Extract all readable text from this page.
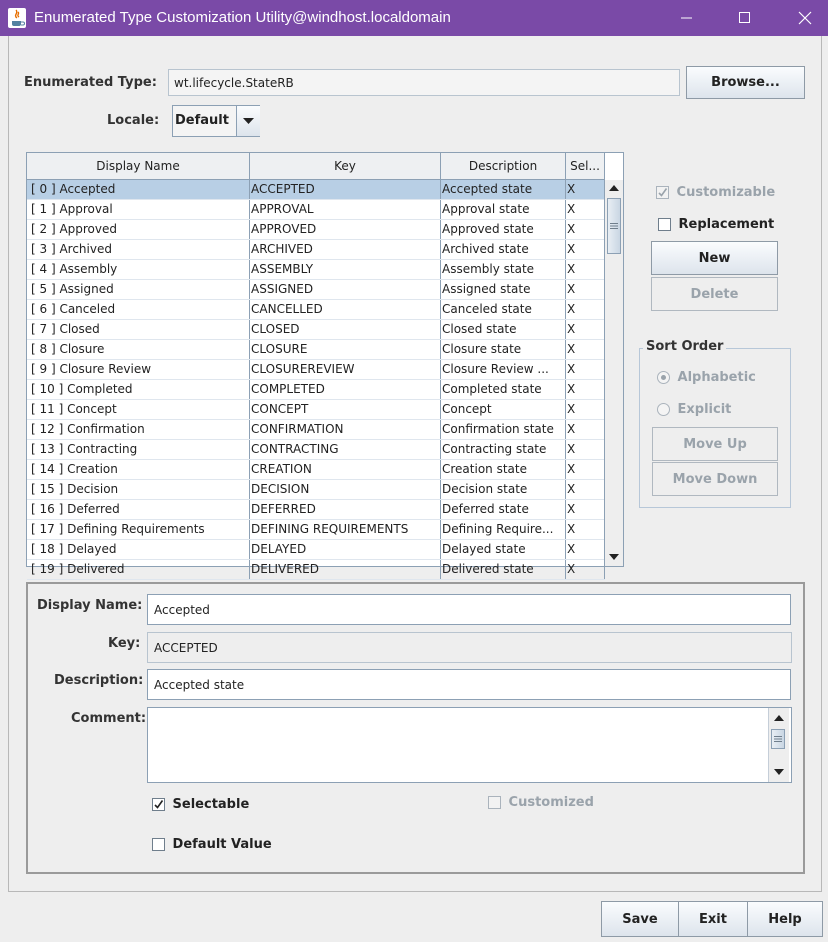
Enumerated Type Customization Utility@windhost.localdomain
Enumerated Type:	wt.lifecycle.StateRB	Browse...
Locale: Default
Display Name	Key	Description	Sel...
[ 0 ] Accepted	ACCEPTED	Accepted state	X
[ 1 ] Approval	APPROVAL	Approval state	X
[ 2 ] Approved	APPROVED	Approved state	X
[ 3 ] Archived	ARCHIVED	Archived state	X
[ 4 ] Assembly	ASSEMBLY	Assembly state	X
[ 5 ] Assigned	ASSIGNED	Assigned state	X
[ 6 ] Canceled	CANCELLED	Canceled state	X
[ 7 ] Closed	CLOSED	Closed state	X
[ 8 ] Closure	CLOSURE	Closure state	X
[ 9 ] Closure Review	CLOSUREREVIEW	Closure Review ...	X
[ 10 ] Completed	COMPLETED	Completed state	X
[ 11 ] Concept	CONCEPT	Concept	X
[ 12 ] Confirmation	CONFIRMATION	Confirmation state	X
[ 13 ] Contracting	CONTRACTING	Contracting state	X
[ 14 ] Creation	CREATION	Creation state	X
[ 15 ] Decision	DECISION	Decision state	X
[ 16 ] Deferred	DEFERRED	Deferred state	X
[ 17 ] Defining Requirements	DEFINING REQUIREMENTS	Defining Require...	X
[ 18 ] Delayed	DELAYED	Delayed state	X
[ 19 ] Delivered	DELIVERED	Delivered state	X
Customizable
Replacement
New
Delete
Sort Order
Alphabetic
Explicit
Move Up
Move Down
Display Name: Accepted
Key:	ACCEPTED
Description: Accepted state
Comment:
Selectable	Customized
Default Value
Save	Exit	Help
